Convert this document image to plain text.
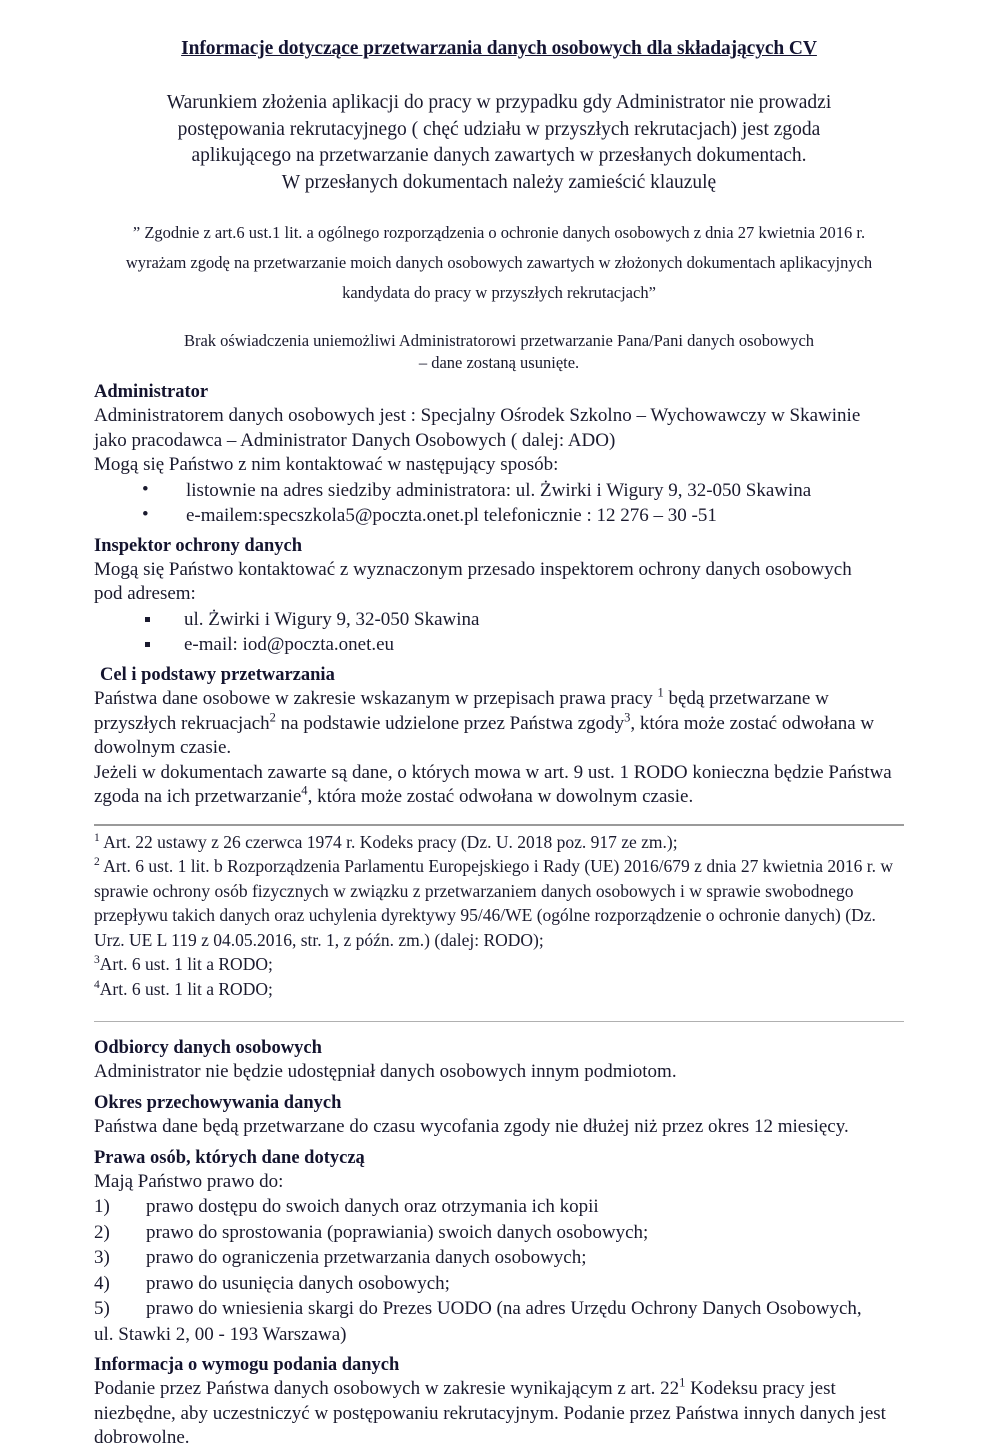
Informacje dotyczące przetwarzania danych osobowych dla składających CV

Warunkiem złożenia aplikacji do pracy w przypadku gdy Administrator nie prowadzi
postępowania rekrutacyjnego ( chęć udziału w przyszłych rekrutacjach) jest zgoda
aplikującego na przetwarzanie danych zawartych w przesłanych dokumentach.
W przesłanych dokumentach należy zamieścić klauzulę

” Zgodnie z art.6 ust.1 lit. a ogólnego rozporządzenia o ochronie danych osobowych z dnia 27 kwietnia 2016 r.
wyrażam zgodę na przetwarzanie moich danych osobowych zawartych w złożonych dokumentach aplikacyjnych
kandydata do pracy w przyszłych rekrutacjach”

Brak oświadczenia uniemożliwi Administratorowi przetwarzanie Pana/Pani danych osobowych
– dane zostaną usunięte.

Administrator

Administratorem danych osobowych jest : Specjalny Ośrodek Szkolno – Wychowawczy w Skawinie

jako pracodawca – Administrator Danych Osobowych ( dalej: ADO)

Mogą się Państwo z nim kontaktować w następujący sposób:

• listownie na adres siedziby administratora: ul. Żwirki i Wigury 9, 32-050 Skawina
• e-mailem:specszkola5@poczta.onet.pl telefonicznie : 12 276 – 30 -51
Inspektor ochrony danych

Mogą się Państwo kontaktować z wyznaczonym przesado inspektorem ochrony danych osobowych

pod adresem:

ul. Żwirki i Wigury 9, 32-050 Skawina
e-mail: iod@poczta.onet.eu
Cel i podstawy przetwarzania

Państwa dane osobowe w zakresie wskazanym w przepisach prawa pracy $^1$ będą przetwarzane w przyszłych rekruacjach$^2$ na podstawie udzielone przez Państwa zgody$^3$, która może zostać odwołana w dowolnym czasie.

Jeżeli w dokumentach zawarte są dane, o których mowa w art. 9 ust. 1 RODO konieczna będzie Państwa zgoda na ich przetwarzanie$^4$, która może zostać odwołana w dowolnym czasie.

$^1$ Art. 22 ustawy z 26 czerwca 1974 r. Kodeks pracy (Dz. U. 2018 poz. 917 ze zm.);

$^2$ Art. 6 ust. 1 lit. b Rozporządzenia Parlamentu Europejskiego i Rady (UE) 2016/679 z dnia 27 kwietnia 2016 r. w sprawie ochrony osób fizycznych w związku z przetwarzaniem danych osobowych i w sprawie swobodnego przepływu takich danych oraz uchylenia dyrektywy 95/46/WE (ogólne rozporządzenie o ochronie danych) (Dz. Urz. UE L 119 z 04.05.2016, str. 1, z późn. zm.) (dalej: RODO);

$^3$Art. 6 ust. 1 lit a RODO;

$^4$Art. 6 ust. 1 lit a RODO;

Odbiorcy danych osobowych

Administrator nie będzie udostępniał danych osobowych innym podmiotom.

Okres przechowywania danych

Państwa dane będą przetwarzane do czasu wycofania zgody nie dłużej niż przez okres 12 miesięcy.

Prawa osób, których dane dotyczą

Mają Państwo prawo do:

1) prawo dostępu do swoich danych oraz otrzymania ich kopii
2) prawo do sprostowania (poprawiania) swoich danych osobowych;
3) prawo do ograniczenia przetwarzania danych osobowych;
4) prawo do usunięcia danych osobowych;
5) prawo do wniesienia skargi do Prezes UODO (na adres Urzędu Ochrony Danych Osobowych,
ul. Stawki 2, 00 - 193 Warszawa)
Informacja o wymogu podania danych

Podanie przez Państwa danych osobowych w zakresie wynikającym z art. $22^1$ Kodeksu pracy jest niezbędne, aby uczestniczyć w postępowaniu rekrutacyjnym. Podanie przez Państwa innych danych jest dobrowolne.
